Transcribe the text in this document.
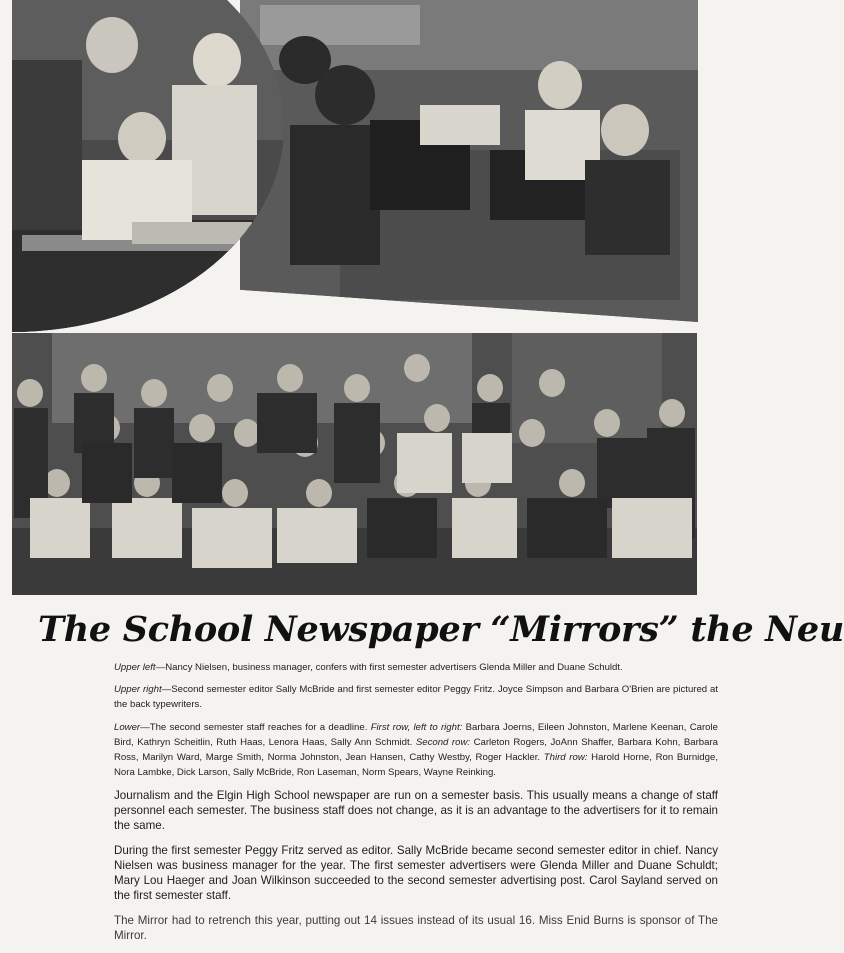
The School Newspaper “Mirrors” the Neu

Upper left—Nancy Nielsen, business manager, confers with first semester advertisers Glenda Miller and Duane Schuldt.

Upper right—Second semester editor Sally McBride and first semester editor Peggy Fritz. Joyce Simpson and Barbara O'Brien are pictured at the back typewriters.

Lower—The second semester staff reaches for a deadline. First row, left to right: Barbara Joerns, Eileen Johnston, Marlene Keenan, Carole Bird, Kathryn Scheitlin, Ruth Haas, Lenora Haas, Sally Ann Schmidt. Second row: Carleton Rogers, JoAnn Shaffer, Barbara Kohn, Barbara Ross, Marilyn Ward, Marge Smith, Norma Johnston, Jean Hansen, Cathy Westby, Roger Hackler. Third row: Harold Horne, Ron Burnidge, Nora Lambke, Dick Larson, Sally McBride, Ron Laseman, Norm Spears, Wayne Reinking.

Journalism and the Elgin High School newspaper are run on a semester basis. This usually means a change of staff personnel each semester. The business staff does not change, as it is an advantage to the advertisers for it to remain the same.

During the first semester Peggy Fritz served as editor. Sally McBride became second semester editor in chief. Nancy Nielsen was business manager for the year. The first semester advertisers were Glenda Miller and Duane Schuldt; Mary Lou Haeger and Joan Wilkinson succeeded to the second semester advertising post. Carol Sayland served on the first semester staff.

The Mirror had to retrench this year, putting out 14 issues instead of its usual 16. Miss Enid Burns is sponsor of The Mirror.
